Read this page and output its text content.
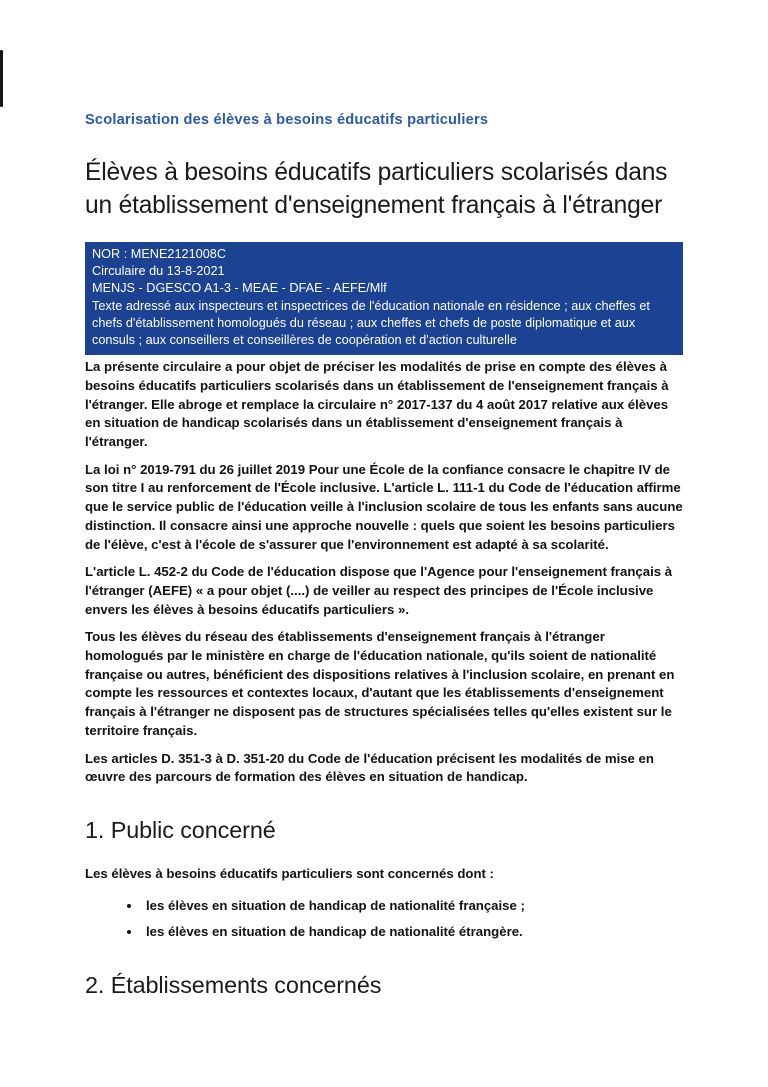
Scolarisation des élèves à besoins éducatifs particuliers
Élèves à besoins éducatifs particuliers scolarisés dans un établissement d'enseignement français à l'étranger
NOR : MENE2121008C
Circulaire du 13-8-2021
MENJS - DGESCO A1-3 - MEAE - DFAE - AEFE/Mlf
Texte adressé aux inspecteurs et inspectrices de l'éducation nationale en résidence ; aux cheffes et chefs d'établissement homologués du réseau ; aux cheffes et chefs de poste diplomatique et aux consuls ; aux conseillers et conseillères de coopération et d'action culturelle

La présente circulaire a pour objet de préciser les modalités de prise en compte des élèves à besoins éducatifs particuliers scolarisés dans un établissement de l'enseignement français à l'étranger. Elle abroge et remplace la circulaire n° 2017-137 du 4 août 2017 relative aux élèves en situation de handicap scolarisés dans un établissement d'enseignement français à l'étranger.

La loi n° 2019-791 du 26 juillet 2019 Pour une École de la confiance consacre le chapitre IV de son titre I au renforcement de l'École inclusive. L'article L. 111-1 du Code de l'éducation affirme que le service public de l'éducation veille à l'inclusion scolaire de tous les enfants sans aucune distinction. Il consacre ainsi une approche nouvelle : quels que soient les besoins particuliers de l'élève, c'est à l'école de s'assurer que l'environnement est adapté à sa scolarité.

L'article L. 452-2 du Code de l'éducation dispose que l'Agence pour l'enseignement français à l'étranger (AEFE) « a pour objet (....) de veiller au respect des principes de l'École inclusive envers les élèves à besoins éducatifs particuliers ».

Tous les élèves du réseau des établissements d'enseignement français à l'étranger homologués par le ministère en charge de l'éducation nationale, qu'ils soient de nationalité française ou autres, bénéficient des dispositions relatives à l'inclusion scolaire, en prenant en compte les ressources et contextes locaux, d'autant que les établissements d'enseignement français à l'étranger ne disposent pas de structures spécialisées telles qu'elles existent sur le territoire français.

Les articles D. 351-3 à D. 351-20 du Code de l'éducation précisent les modalités de mise en œuvre des parcours de formation des élèves en situation de handicap.

1. Public concerné

Les élèves à besoins éducatifs particuliers sont concernés dont :

• les élèves en situation de handicap de nationalité française ;
• les élèves en situation de handicap de nationalité étrangère.
2. Établissements concernés
